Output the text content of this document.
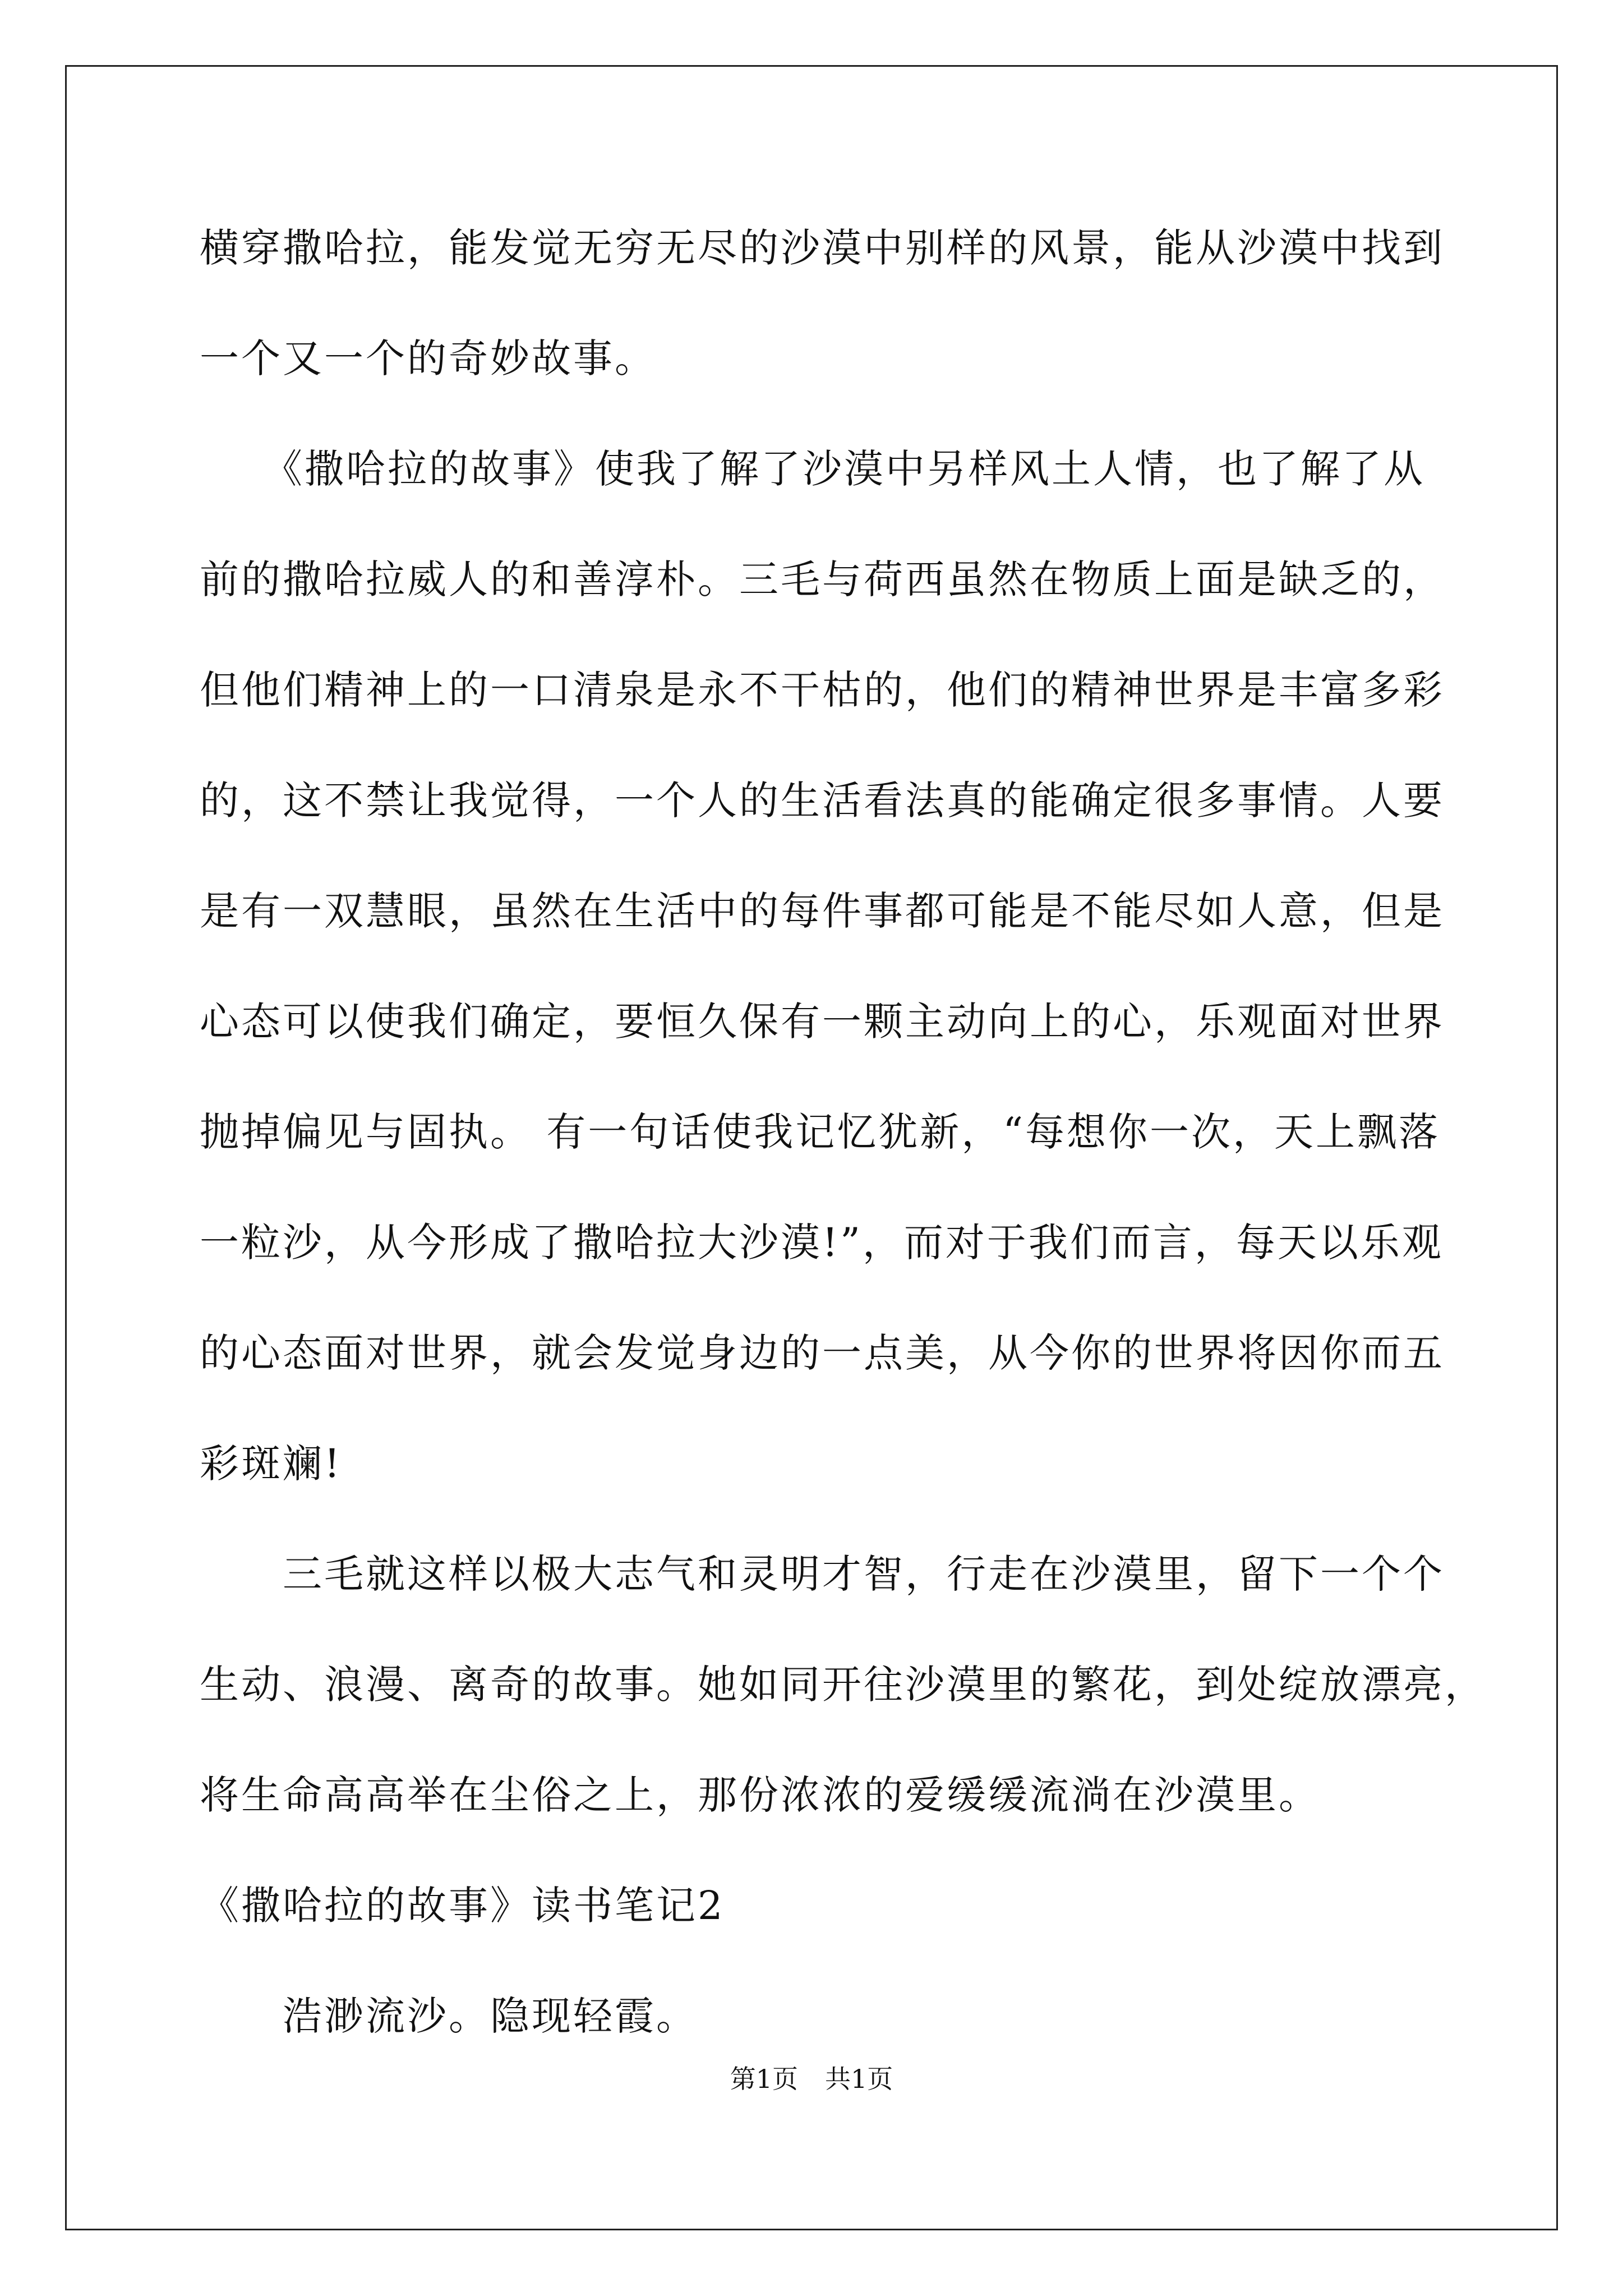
横穿撒哈拉，能发觉无穷无尽的沙漠中别样的风景，能从沙漠中找到
一个又一个的奇妙故事。
　　《撒哈拉的故事》使我了解了沙漠中另样风土人情，也了解了从
前的撒哈拉威人的和善淳朴。三毛与荷西虽然在物质上面是缺乏的，
但他们精神上的一口清泉是永不干枯的，他们的精神世界是丰富多彩
的，这不禁让我觉得，一个人的生活看法真的能确定很多事情。人要
是有一双慧眼，虽然在生活中的每件事都可能是不能尽如人意，但是
心态可以使我们确定，要恒久保有一颗主动向上的心，乐观面对世界
抛掉偏见与固执。 有一句话使我记忆犹新，“每想你一次，天上飘落
一粒沙，从今形成了撒哈拉大沙漠!”，而对于我们而言，每天以乐观
的心态面对世界，就会发觉身边的一点美，从今你的世界将因你而五
彩斑斓!
　　三毛就这样以极大志气和灵明才智，行走在沙漠里，留下一个个
生动、浪漫、离奇的故事。她如同开往沙漠里的繁花，到处绽放漂亮，
将生命高高举在尘俗之上，那份浓浓的爱缓缓流淌在沙漠里。
《撒哈拉的故事》读书笔记2
　　浩渺流沙。隐现轻霞。
第1页 共1页
